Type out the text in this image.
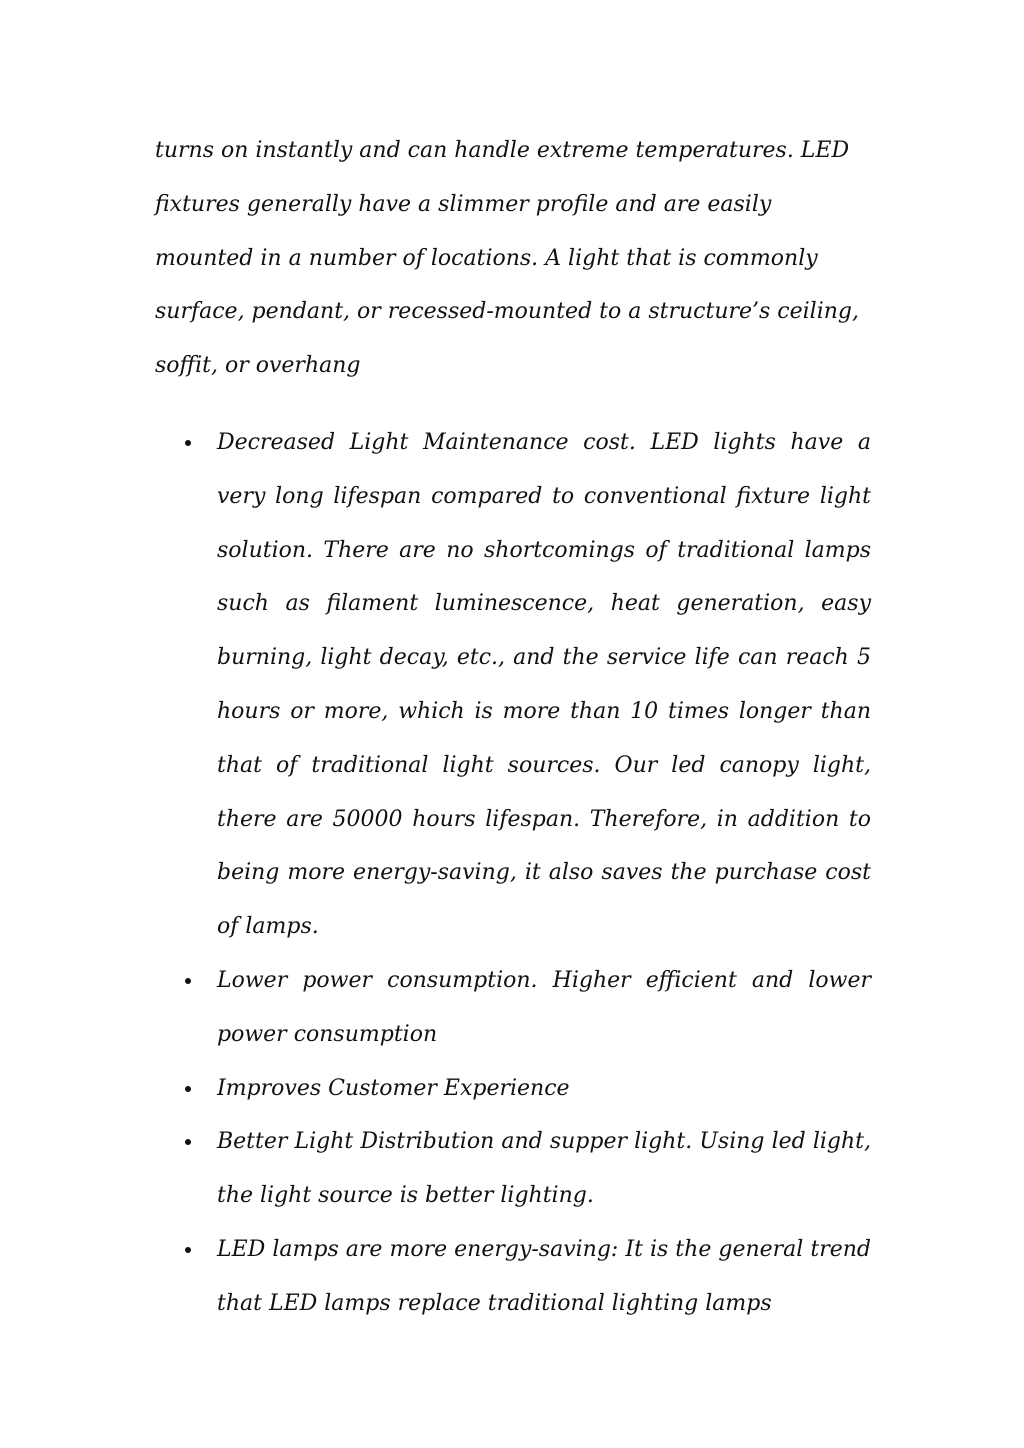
turns on instantly and can handle extreme temperatures. LED
fixtures generally have a slimmer profile and are easily
mounted in a number of locations. A light that is commonly
surface, pendant, or recessed-mounted to a structure’s ceiling,
soffit, or overhang

Decreased Light Maintenance cost. LED lights have a very long lifespan compared to conventional fixture light solution. There are no shortcomings of traditional lamps such as filament luminescence, heat generation, easy burning, light decay, etc., and the service life can reach 5 hours or more, which is more than 10 times longer than that of traditional light sources. Our led canopy light, there are 50000 hours lifespan. Therefore, in addition to being more energy-saving, it also saves the purchase cost of lamps.
Lower power consumption. Higher efficient and lower power consumption
Improves Customer Experience
Better Light Distribution and supper light. Using led light, the light source is better lighting.
LED lamps are more energy-saving: It is the general trend that LED lamps replace traditional lighting lamps
